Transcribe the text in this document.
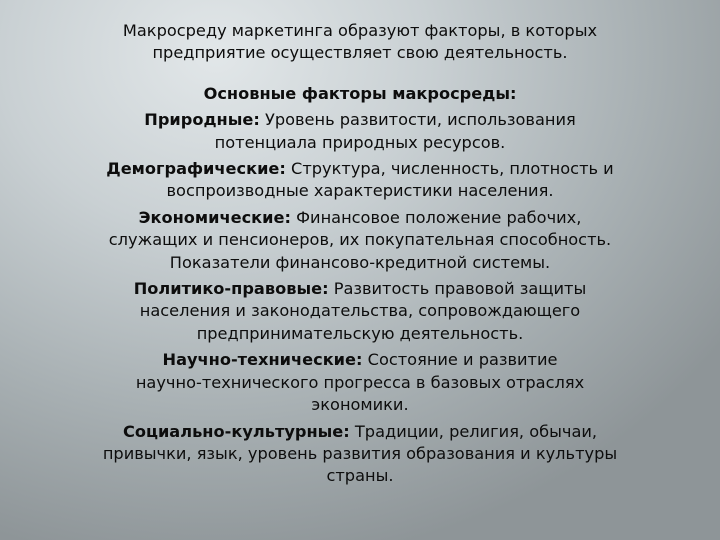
Макросреду маркетинга образуют факторы, в которых
предприятие осуществляет свою деятельность.

Основные факторы макросреды:

Природные: Уровень развитости, использования
потенциала природных ресурсов.

Демографические: Структура, численность, плотность и
воспроизводные характеристики населения.

Экономические: Финансовое положение рабочих,
служащих и пенсионеров, их покупательная способность.
Показатели финансово-кредитной системы.

Политико-правовые: Развитость правовой защиты
населения и законодательства, сопровождающего
предпринимательскую деятельность.

Научно-технические: Состояние и развитие
научно-технического прогресса в базовых отраслях
экономики.

Социально-культурные: Традиции, религия, обычаи,
привычки, язык, уровень развития образования и культуры
страны.
